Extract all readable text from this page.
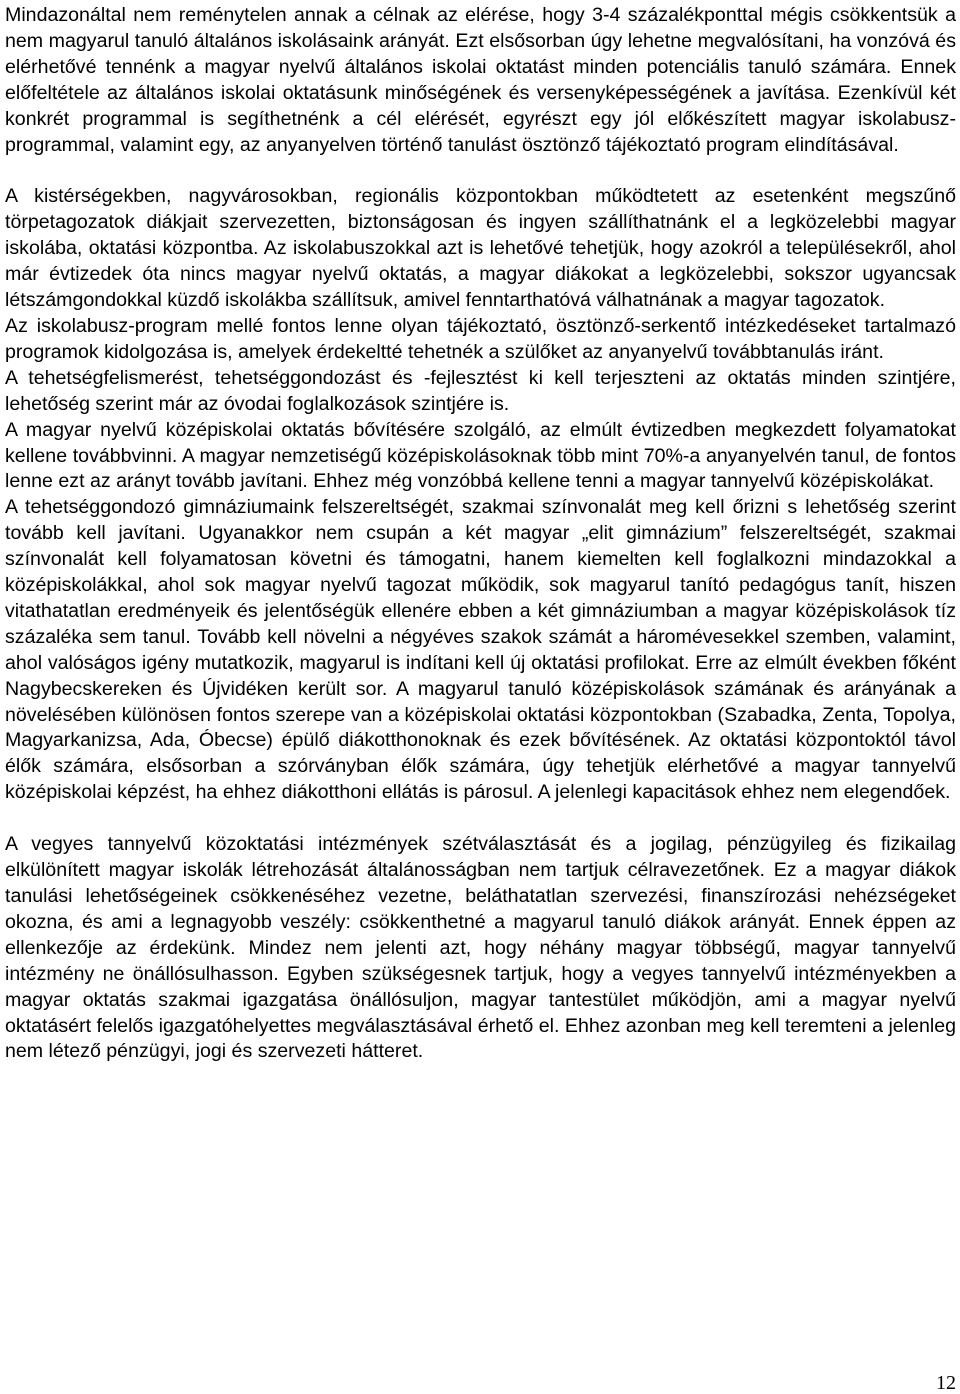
Mindazonáltal nem reménytelen annak a célnak az elérése, hogy 3-4 százalékponttal mégis csökkentsük a nem magyarul tanuló általános iskolásaink arányát. Ezt elsősorban úgy lehetne megvalósítani, ha vonzóvá és elérhetővé tennénk a magyar nyelvű általános iskolai oktatást minden potenciális tanuló számára. Ennek előfeltétele az általános iskolai oktatásunk minőségének és versenyképességének a javítása. Ezenkívül két konkrét programmal is segíthetnénk a cél elérését, egyrészt egy jól előkészített magyar iskolabusz-programmal, valamint egy, az anyanyelven történő tanulást ösztönző tájékoztató program elindításával.

A kistérségekben, nagyvárosokban, regionális központokban működtetett az esetenként megszűnő törpetagozatok diákjait szervezetten, biztonságosan és ingyen szállíthatnánk el a legközelebbi magyar iskolába, oktatási központba. Az iskolabuszokkal azt is lehetővé tehetjük, hogy azokról a településekről, ahol már évtizedek óta nincs magyar nyelvű oktatás, a magyar diákokat a legközelebbi, sokszor ugyancsak létszámgondokkal küzdő iskolákba szállítsuk, amivel fenntarthatóvá válhatnának a magyar tagozatok.

Az iskolabusz-program mellé fontos lenne olyan tájékoztató, ösztönző-serkentő intézkedéseket tartalmazó programok kidolgozása is, amelyek érdekeltté tehetnék a szülőket az anyanyelvű továbbtanulás iránt.

A tehetségfelismerést, tehetséggondozást és -fejlesztést ki kell terjeszteni az oktatás minden szintjére, lehetőség szerint már az óvodai foglalkozások szintjére is.

A magyar nyelvű középiskolai oktatás bővítésére szolgáló, az elmúlt évtizedben megkezdett folyamatokat kellene továbbvinni. A magyar nemzetiségű középiskolásoknak több mint 70%-a anyanyelvén tanul, de fontos lenne ezt az arányt tovább javítani. Ehhez még vonzóbbá kellene tenni a magyar tannyelvű középiskolákat.

A tehetséggondozó gimnáziumaink felszereltségét, szakmai színvonalát meg kell őrizni s lehetőség szerint tovább kell javítani. Ugyanakkor nem csupán a két magyar „elit gimnázium” felszereltségét, szakmai színvonalát kell folyamatosan követni és támogatni, hanem kiemelten kell foglalkozni mindazokkal a középiskolákkal, ahol sok magyar nyelvű tagozat működik, sok magyarul tanító pedagógus tanít, hiszen vitathatatlan eredményeik és jelentőségük ellenére ebben a két gimnáziumban a magyar középiskolások tíz százaléka sem tanul. Tovább kell növelni a négyéves szakok számát a háromévesekkel szemben, valamint, ahol valóságos igény mutatkozik, magyarul is indítani kell új oktatási profilokat. Erre az elmúlt években főként Nagybecskereken és Újvidéken került sor. A magyarul tanuló középiskolások számának és arányának a növelésében különösen fontos szerepe van a középiskolai oktatási központokban (Szabadka, Zenta, Topolya, Magyarkanizsa, Ada, Óbecse) épülő diákotthonoknak és ezek bővítésének. Az oktatási központoktól távol élők számára, elsősorban a szórványban élők számára, úgy tehetjük elérhetővé a magyar tannyelvű középiskolai képzést, ha ehhez diákotthoni ellátás is párosul. A jelenlegi kapacitások ehhez nem elegendőek.

A vegyes tannyelvű közoktatási intézmények szétválasztását és a jogilag, pénzügyileg és fizikailag elkülönített magyar iskolák létrehozását általánosságban nem tartjuk célravezetőnek. Ez a magyar diákok tanulási lehetőségeinek csökkenéséhez vezetne, beláthatatlan szervezési, finanszírozási nehézségeket okozna, és ami a legnagyobb veszély: csökkenthetné a magyarul tanuló diákok arányát. Ennek éppen az ellenkezője az érdekünk. Mindez nem jelenti azt, hogy néhány magyar többségű, magyar tannyelvű intézmény ne önállósulhasson. Egyben szükségesnek tartjuk, hogy a vegyes tannyelvű intézményekben a magyar oktatás szakmai igazgatása önállósuljon, magyar tantestület működjön, ami a magyar nyelvű oktatásért felelős igazgatóhelyettes megválasztásával érhető el. Ehhez azonban meg kell teremteni a jelenleg nem létező pénzügyi, jogi és szervezeti hátteret.

12
